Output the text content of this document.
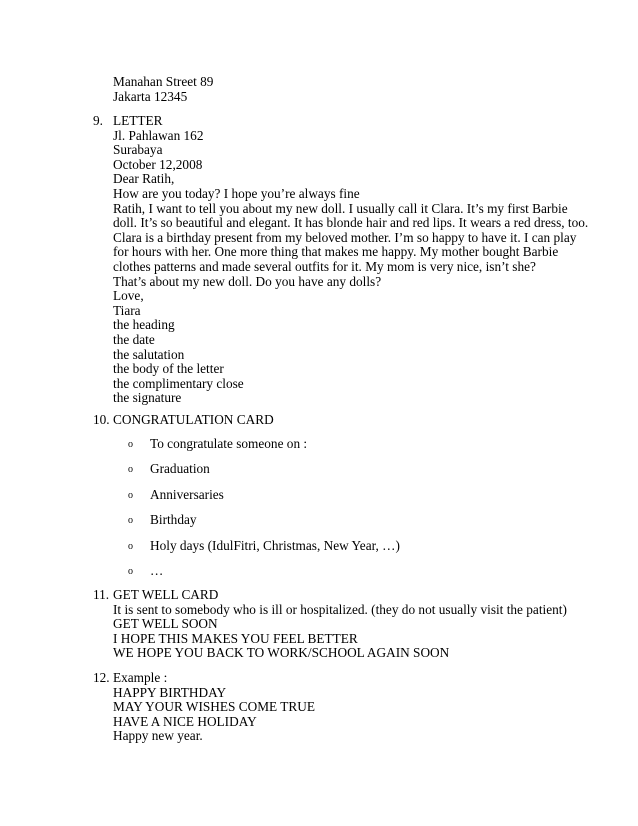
Manahan Street 89
Jakarta 12345
9. LETTER
Jl. Pahlawan 162
Surabaya
October 12,2008
Dear Ratih,
How are you today? I hope you’re always fine
Ratih, I want to tell you about my new doll. I usually call it Clara. It’s my first Barbie
doll. It’s so beautiful and elegant. It has blonde hair and red lips. It wears a red dress, too.
Clara is a birthday present from my beloved mother. I’m so happy to have it. I can play
for hours with her. One more thing that makes me happy. My mother bought Barbie
clothes patterns and made several outfits for it. My mom is very nice, isn’t she?
That’s about my new doll. Do you have any dolls?
Love,
Tiara
the heading
the date
the salutation
the body of the letter
the complimentary close
the signature
10. CONGRATULATION CARD
o To congratulate someone on :
o Graduation
o Anniversaries
o Birthday
o Holy days (IdulFitri, Christmas, New Year, …)
o …
11. GET WELL CARD
It is sent to somebody who is ill or hospitalized. (they do not usually visit the patient)
GET WELL SOON
I HOPE THIS MAKES YOU FEEL BETTER
WE HOPE YOU BACK TO WORK/SCHOOL AGAIN SOON
12. Example :
HAPPY BIRTHDAY
MAY YOUR WISHES COME TRUE
HAVE A NICE HOLIDAY
Happy new year.
